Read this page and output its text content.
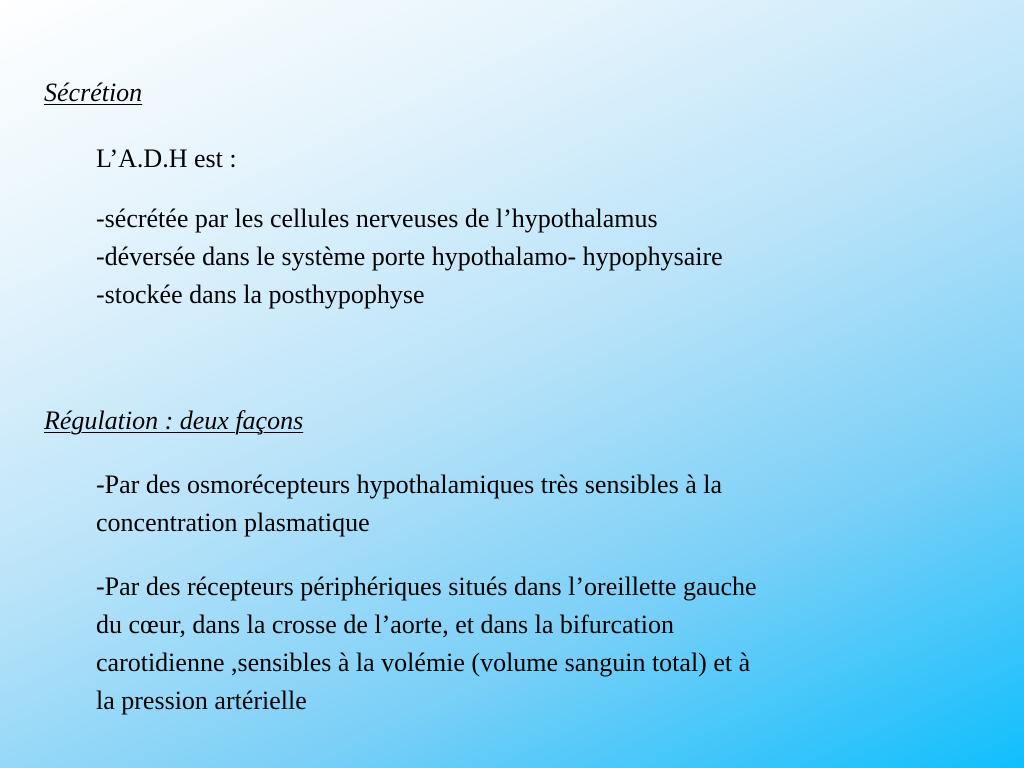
Sécrétion
L’A.D.H est :
-sécrétée par les cellules nerveuses de l’hypothalamus
-déversée dans le système porte hypothalamo- hypophysaire
-stockée dans la posthypophyse
Régulation : deux façons
-Par des osmorécepteurs hypothalamiques très sensibles à la
concentration plasmatique
-Par des récepteurs périphériques situés dans l’oreillette gauche
du cœur, dans la crosse de l’aorte, et dans la bifurcation
carotidienne ,sensibles à la volémie (volume sanguin total) et à
la pression artérielle
